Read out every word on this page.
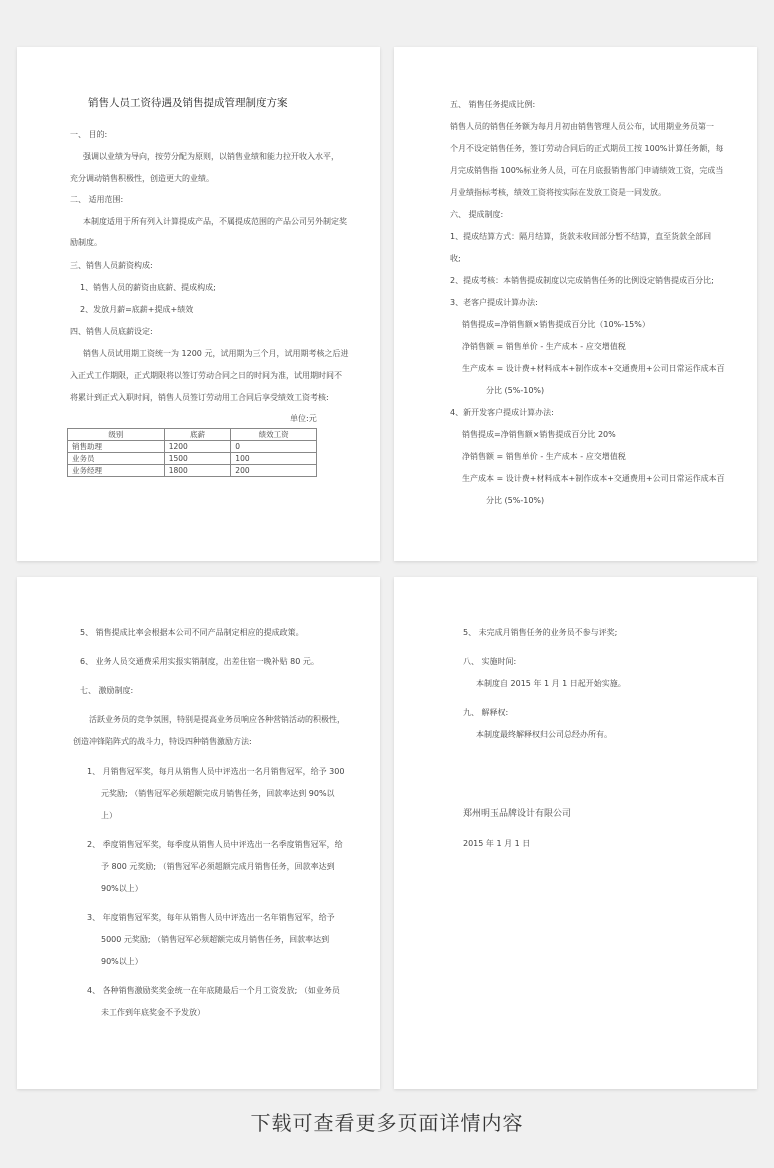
销售人员工资待遇及销售提成管理制度方案
一、 目的:
强调以业绩为导向，按劳分配为原则，以销售业绩和能力拉开收入水平，
充分调动销售积极性，创造更大的业绩。
二、 适用范围:
本制度适用于所有列入计算提成产品，不属提成范围的产品公司另外制定奖
励制度。
三、销售人员薪资构成:
1、销售人员的薪资由底薪、提成构成;
2、发放月薪=底薪+提成+绩效
四、销售人员底薪设定:
销售人员试用期工资统一为 1200 元，试用期为三个月，试用期考核之后进
入正式工作期限，正式期限将以签订劳动合同之日的时间为准，试用期时间不
将累计到正式入职时间，销售人员签订劳动用工合同后享受绩效工资考核:
单位:元
级别	底薪	绩效工资
销售助理	1200	0
业务员	1500	100
业务经理	1800	200
五、 销售任务提成比例:
销售人员的销售任务额为每月月初由销售管理人员公布，试用期业务员第一
个月不设定销售任务，签订劳动合同后的正式期员工按 100%计算任务额，每
月完成销售指 100%标业务人员，可在月底报销售部门申请绩效工资，完成当
月业绩指标考核，绩效工资将按实际在发放工资是一同发放。
六、 提成制度:
1、提成结算方式：隔月结算，货款未收回部分暂不结算，直至货款全部回
收;
2、提成考核：本销售提成制度以完成销售任务的比例设定销售提成百分比;
3、老客户提成计算办法:
销售提成=净销售额×销售提成百分比（10%-15%）
净销售额 = 销售单价 - 生产成本 - 应交增值税
生产成本 = 设计费+材料成本+制作成本+交通费用+公司日常运作成本百
分比 (5%-10%)
4、新开发客户提成计算办法:
销售提成=净销售额×销售提成百分比 20%
净销售额 = 销售单价 - 生产成本 - 应交增值税
生产成本 = 设计费+材料成本+制作成本+交通费用+公司日常运作成本百
分比 (5%-10%)
5、 销售提成比率会根据本公司不同产品制定相应的提成政策。
6、 业务人员交通费采用实报实销制度，出差住宿一晚补贴 80 元。
七、 激励制度:
活跃业务员的竞争氛围，特别是提高业务员响应各种营销活动的积极性，
创造冲锋陷阵式的战斗力，特设四种销售激励方法:
1、 月销售冠军奖，每月从销售人员中评选出一名月销售冠军，给予 300
元奖励; （销售冠军必须超额完成月销售任务，回款率达到 90%以
上）
2、 季度销售冠军奖，每季度从销售人员中评选出一名季度销售冠军，给
予 800 元奖励; （销售冠军必须超额完成月销售任务，回款率达到
90%以上）
3、 年度销售冠军奖，每年从销售人员中评选出一名年销售冠军，给予
5000 元奖励; （销售冠军必须超额完成月销售任务，回款率达到
90%以上）
4、 各种销售激励奖奖金统一在年底随最后一个月工资发放; （如业务员
未工作到年底奖金不予发放）
5、 未完成月销售任务的业务员不参与评奖;
八、 实施时间:
本制度自 2015 年 1 月 1 日起开始实施。
九、 解释权:
本制度最终解释权归公司总经办所有。
郑州明玉品牌设计有限公司
2015 年 1 月 1 日
下载可查看更多页面详情内容
